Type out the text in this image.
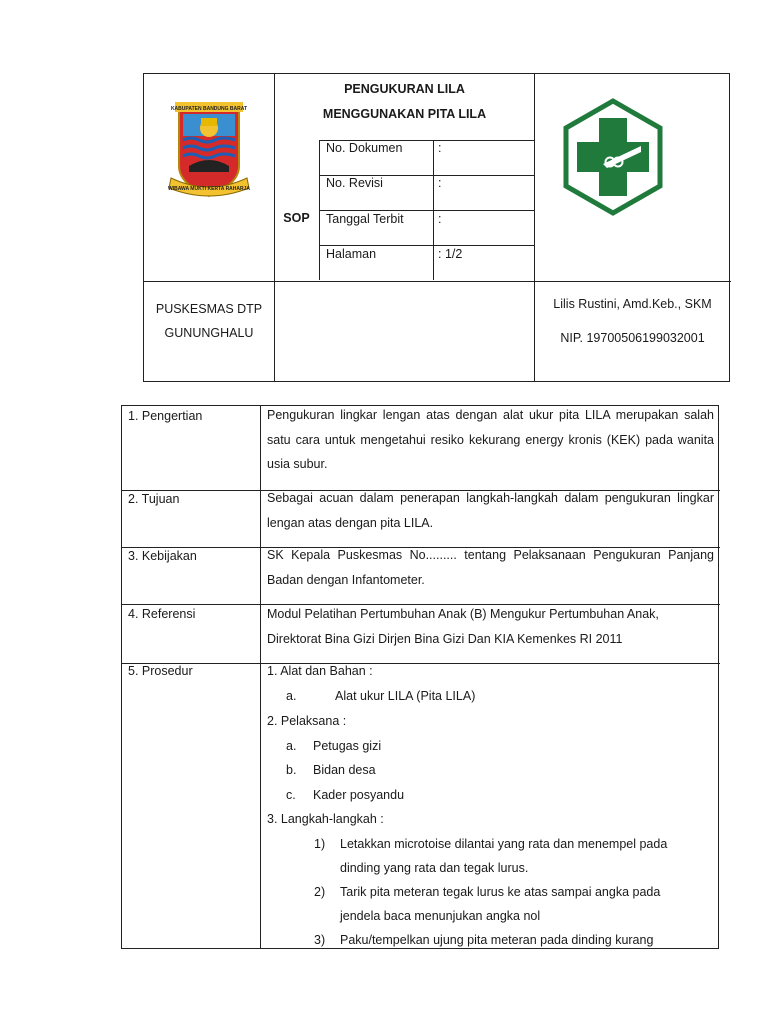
KABUPATEN BANDUNG BARAT
WIBAWA MUKTI KERTA RAHARJA
PENGUKURAN LILA
MENGGUNAKAN PITA LILA
SOP
No. Dokumen	:
No. Revisi	:
Tanggal Terbit	:
Halaman	: 1/2
PUSKESMAS DTP
GUNUNGHALU
Lilis Rustini, Amd.Keb., SKM
NIP. 19700506199032001
1. Pengertian	Pengukuran lingkar lengan atas dengan alat ukur pita LILA merupakan salah satu cara untuk mengetahui resiko kekurang energy kronis (KEK) pada wanita usia subur.
2. Tujuan	Sebagai acuan dalam penerapan langkah-langkah dalam pengukuran lingkar lengan atas dengan pita LILA.
3. Kebijakan	SK Kepala Puskesmas No......... tentang Pelaksanaan Pengukuran Panjang Badan dengan Infantometer.
4. Referensi	Modul Pelatihan Pertumbuhan Anak (B) Mengukur Pertumbuhan Anak,
Direktorat Bina Gizi Dirjen Bina Gizi Dan KIA Kemenkes RI 2011
5. Prosedur	1. Alat dan Bahan :
a.	Alat ukur LILA (Pita LILA)
2. Pelaksana :
a. Petugas gizi
b. Bidan desa
c. Kader posyandu
3. Langkah-langkah :
1) Letakkan microtoise dilantai yang rata dan menempel pada
dinding yang rata dan tegak lurus.
2) Tarik pita meteran tegak lurus ke atas sampai angka pada
jendela baca menunjukan angka nol
3) Paku/tempelkan ujung pita meteran pada dinding kurang
